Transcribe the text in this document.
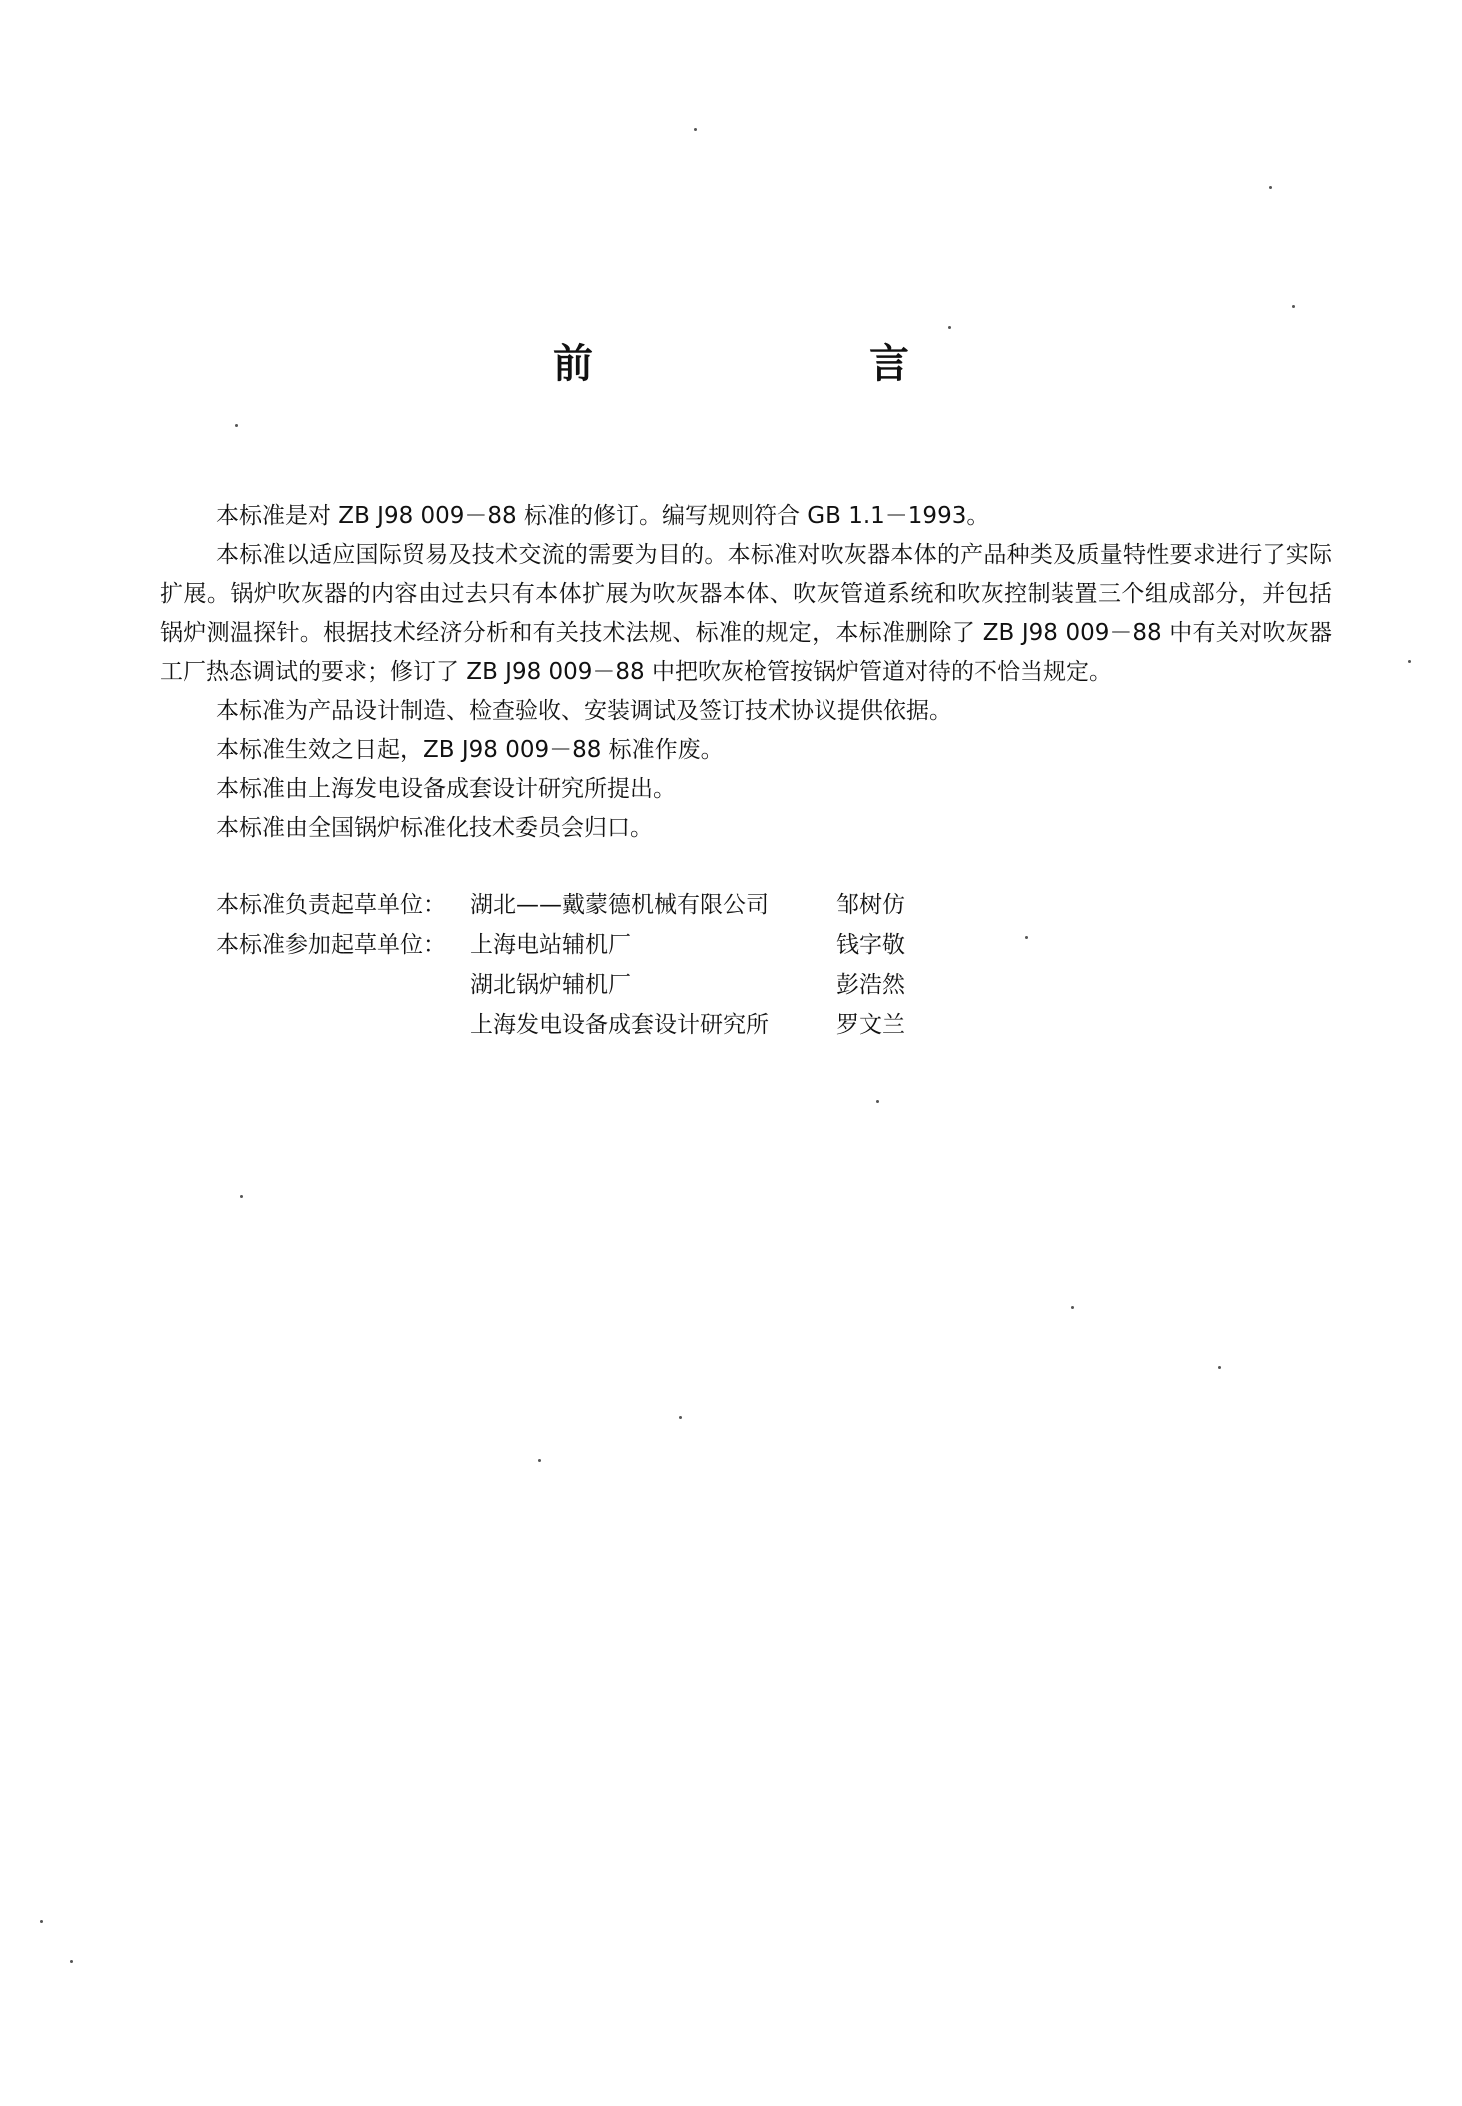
前　言

本标准是对 ZB J98 009－88 标准的修订。编写规则符合 GB 1.1－1993。

本标准以适应国际贸易及技术交流的需要为目的。本标准对吹灰器本体的产品种类及质量特性要求进行了实际扩展。锅炉吹灰器的内容由过去只有本体扩展为吹灰器本体、吹灰管道系统和吹灰控制装置三个组成部分，并包括锅炉测温探针。根据技术经济分析和有关技术法规、标准的规定，本标准删除了 ZB J98 009－88 中有关对吹灰器工厂热态调试的要求；修订了 ZB J98 009－88 中把吹灰枪管按锅炉管道对待的不恰当规定。

本标准为产品设计制造、检查验收、安装调试及签订技术协议提供依据。

本标准生效之日起，ZB J98 009－88 标准作废。

本标准由上海发电设备成套设计研究所提出。

本标准由全国锅炉标准化技术委员会归口。

本标准负责起草单位：	湖北——戴蒙德机械有限公司	邹树仿
本标准参加起草单位：	上海电站辅机厂	钱字敬
湖北锅炉辅机厂	彭浩然
上海发电设备成套设计研究所	罗文兰
